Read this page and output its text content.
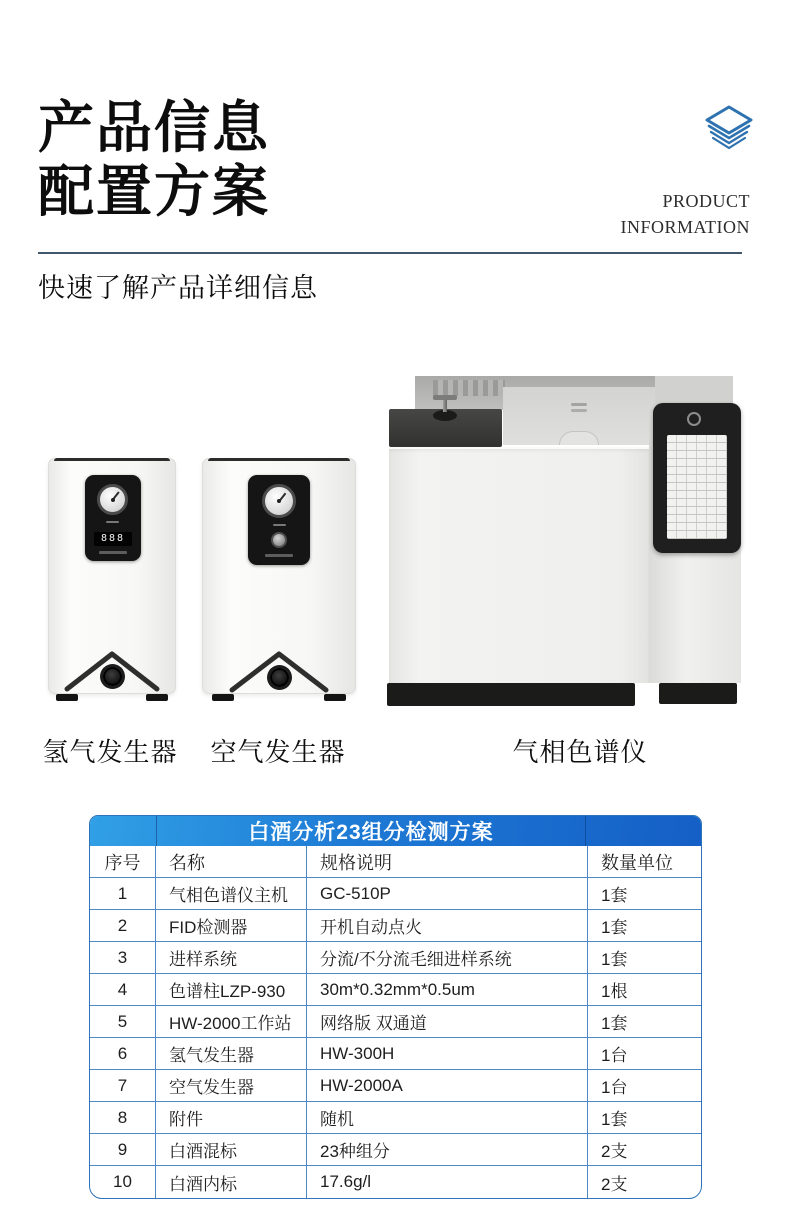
产品信息
配置方案	PRODUCT
INFORMATION
快速了解产品详细信息
888
氢气发生器 空气发生器	气相色谱仪
白酒分析23组分检测方案
序号	名称	规格说明	数量单位
1	气相色谱仪主机	GC-510P	1套
2	FID检测器	开机自动点火	1套
3	进样系统	分流/不分流毛细进样系统	1套
4	色谱柱LZP-930	30m*0.32mm*0.5um	1根
5	HW-2000工作站	网络版 双通道	1套
6	氢气发生器	HW-300H	1台
7	空气发生器	HW-2000A	1台
8	附件	随机	1套
9	白酒混标	23种组分	2支
10	白酒内标	17.6g/l	2支
